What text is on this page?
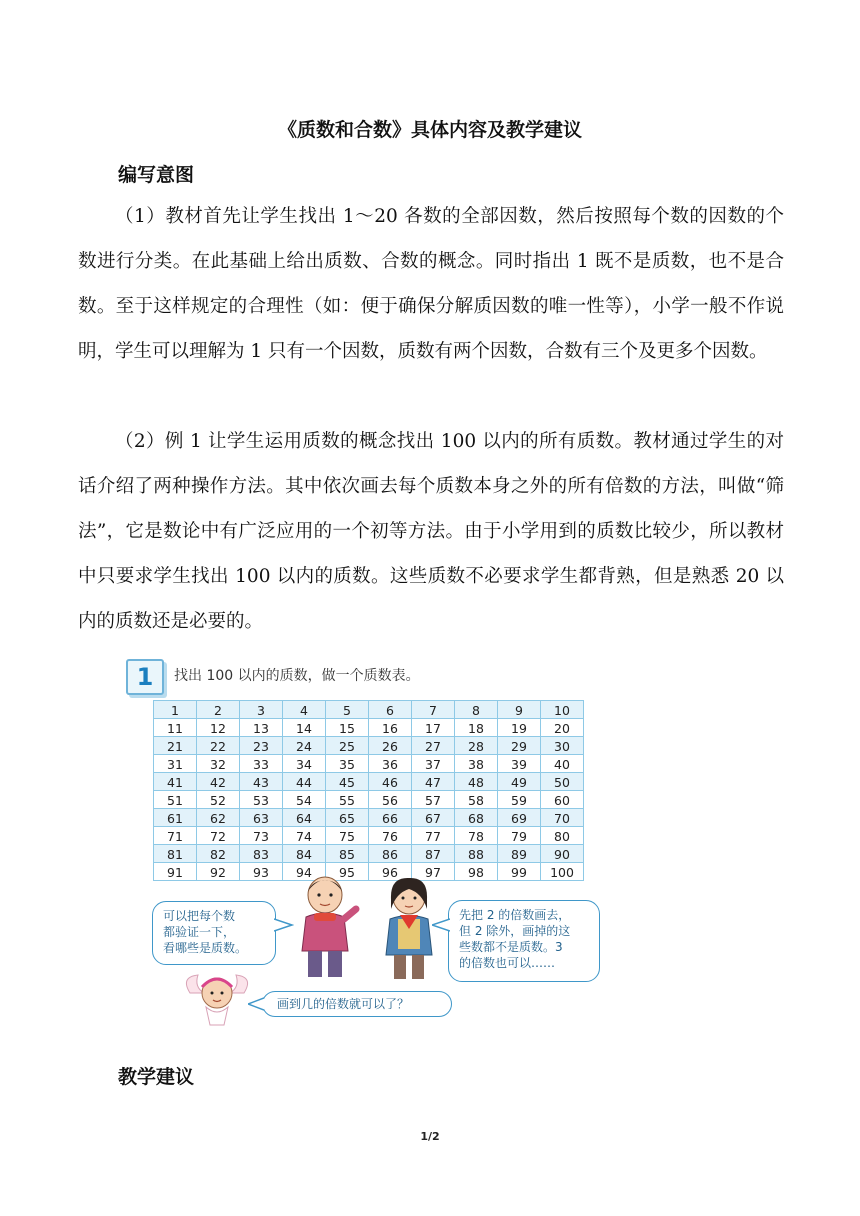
《质数和合数》具体内容及教学建议
编写意图

（1）教材首先让学生找出 1～20 各数的全部因数，然后按照每个数的因数的个数进行分类。在此基础上给出质数、合数的概念。同时指出 1 既不是质数，也不是合数。至于这样规定的合理性（如：便于确保分解质因数的唯一性等），小学一般不作说明，学生可以理解为 1 只有一个因数，质数有两个因数，合数有三个及更多个因数。

（2）例 1 让学生运用质数的概念找出 100 以内的所有质数。教材通过学生的对话介绍了两种操作方法。其中依次画去每个质数本身之外的所有倍数的方法，叫做“筛法”，它是数论中有广泛应用的一个初等方法。由于小学用到的质数比较少，所以教材中只要求学生找出 100 以内的质数。这些质数不必要求学生都背熟，但是熟悉 20 以内的质数还是必要的。

1	找出 100 以内的质数，做一个质数表。
1	2	3	4	5	6	7	8	9	10
11	12	13	14	15	16	17	18	19	20
21	22	23	24	25	26	27	28	29	30
31	32	33	34	35	36	37	38	39	40
41	42	43	44	45	46	47	48	49	50
51	52	53	54	55	56	57	58	59	60
61	62	63	64	65	66	67	68	69	70
71	72	73	74	75	76	77	78	79	80
81	82	83	84	85	86	87	88	89	90
91	92	93	94	95	96	97	98	99	100
可以把每个数
都验证一下，
看哪些是质数。
先把 2 的倍数画去，
但 2 除外，画掉的这
些数都不是质数。3
的倍数也可以……
画到几的倍数就可以了？
教学建议
1/2
